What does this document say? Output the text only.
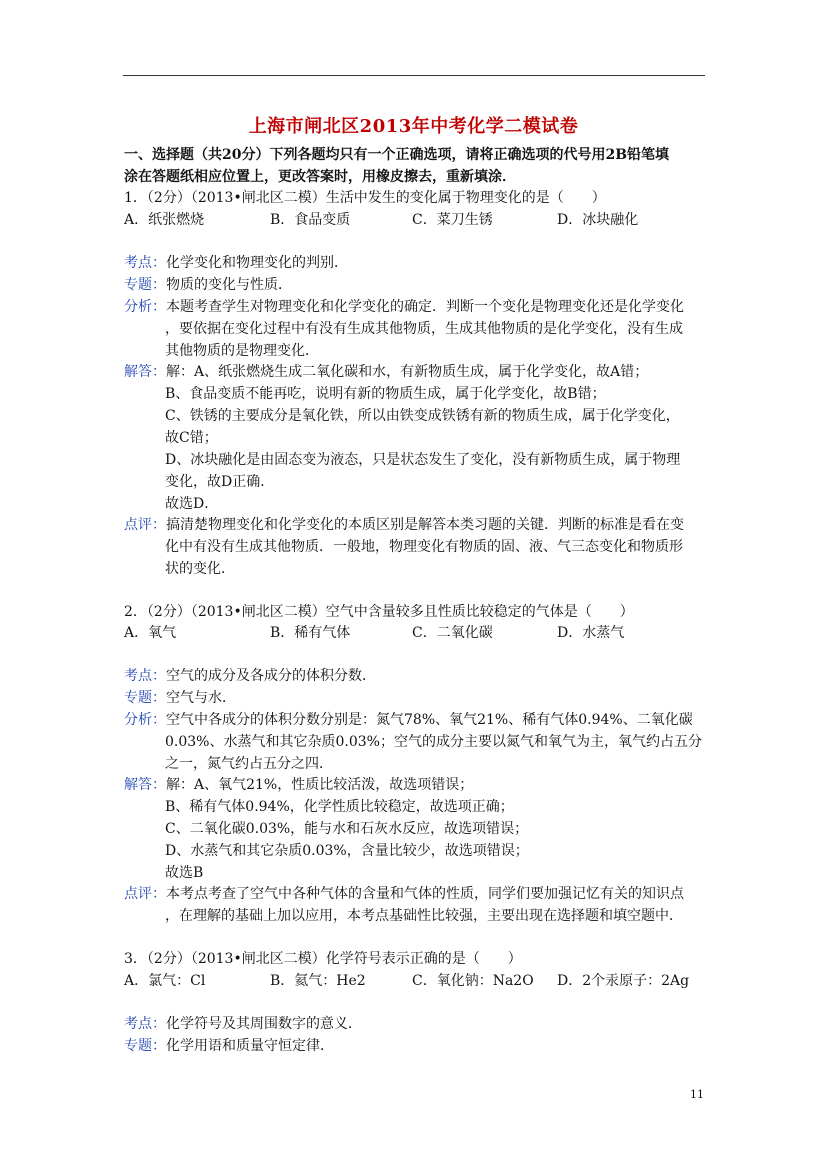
上海市闸北区2013年中考化学二模试卷
一、选择题（共20分）下列各题均只有一个正确选项，请将正确选项的代号用2B铅笔填
涂在答题纸相应位置上，更改答案时，用橡皮擦去，重新填涂．
1．（2分）（2013•闸北区二模）生活中发生的变化属于物理变化的是（　　）
A．纸张燃烧	B．食品变质	C．菜刀生锈	D．冰块融化
考点：化学变化和物理变化的判别．
专题：物质的变化与性质．
分析：本题考查学生对物理变化和化学变化的确定．判断一个变化是物理变化还是化学变化
，要依据在变化过程中有没有生成其他物质，生成其他物质的是化学变化，没有生成
其他物质的是物理变化．
解答：解：A、纸张燃烧生成二氧化碳和水，有新物质生成，属于化学变化，故A错；
B、食品变质不能再吃，说明有新的物质生成，属于化学变化，故B错；
C、铁锈的主要成分是氧化铁，所以由铁变成铁锈有新的物质生成，属于化学变化，
故C错；
D、冰块融化是由固态变为液态，只是状态发生了变化，没有新物质生成，属于物理
变化，故D正确．
故选D．
点评：搞清楚物理变化和化学变化的本质区别是解答本类习题的关键．判断的标准是看在变
化中有没有生成其他物质．一般地，物理变化有物质的固、液、气三态变化和物质形
状的变化．
2．（2分）（2013•闸北区二模）空气中含量较多且性质比较稳定的气体是（　　）
A．氧气	B．稀有气体	C．二氧化碳	D．水蒸气
考点：空气的成分及各成分的体积分数．
专题：空气与水．
分析：空气中各成分的体积分数分别是：氮气78%、氧气21%、稀有气体0.94%、二氧化碳
0.03%、水蒸气和其它杂质0.03%；空气的成分主要以氮气和氧气为主，氧气约占五分
之一，氮气约占五分之四．
解答：解：A、氧气21%，性质比较活泼，故选项错误；
B、稀有气体0.94%，化学性质比较稳定，故选项正确；
C、二氧化碳0.03%，能与水和石灰水反应，故选项错误；
D、水蒸气和其它杂质0.03%，含量比较少，故选项错误；
故选B
点评：本考点考查了空气中各种气体的含量和气体的性质，同学们要加强记忆有关的知识点
，在理解的基础上加以应用，本考点基础性比较强，主要出现在选择题和填空题中．
3．（2分）（2013•闸北区二模）化学符号表示正确的是（　　）
A．氯气：Cl	B．氦气：He2	C．氧化钠：Na2O D．2个汞原子：2Ag
考点：化学符号及其周围数字的意义．
专题：化学用语和质量守恒定律．
11
